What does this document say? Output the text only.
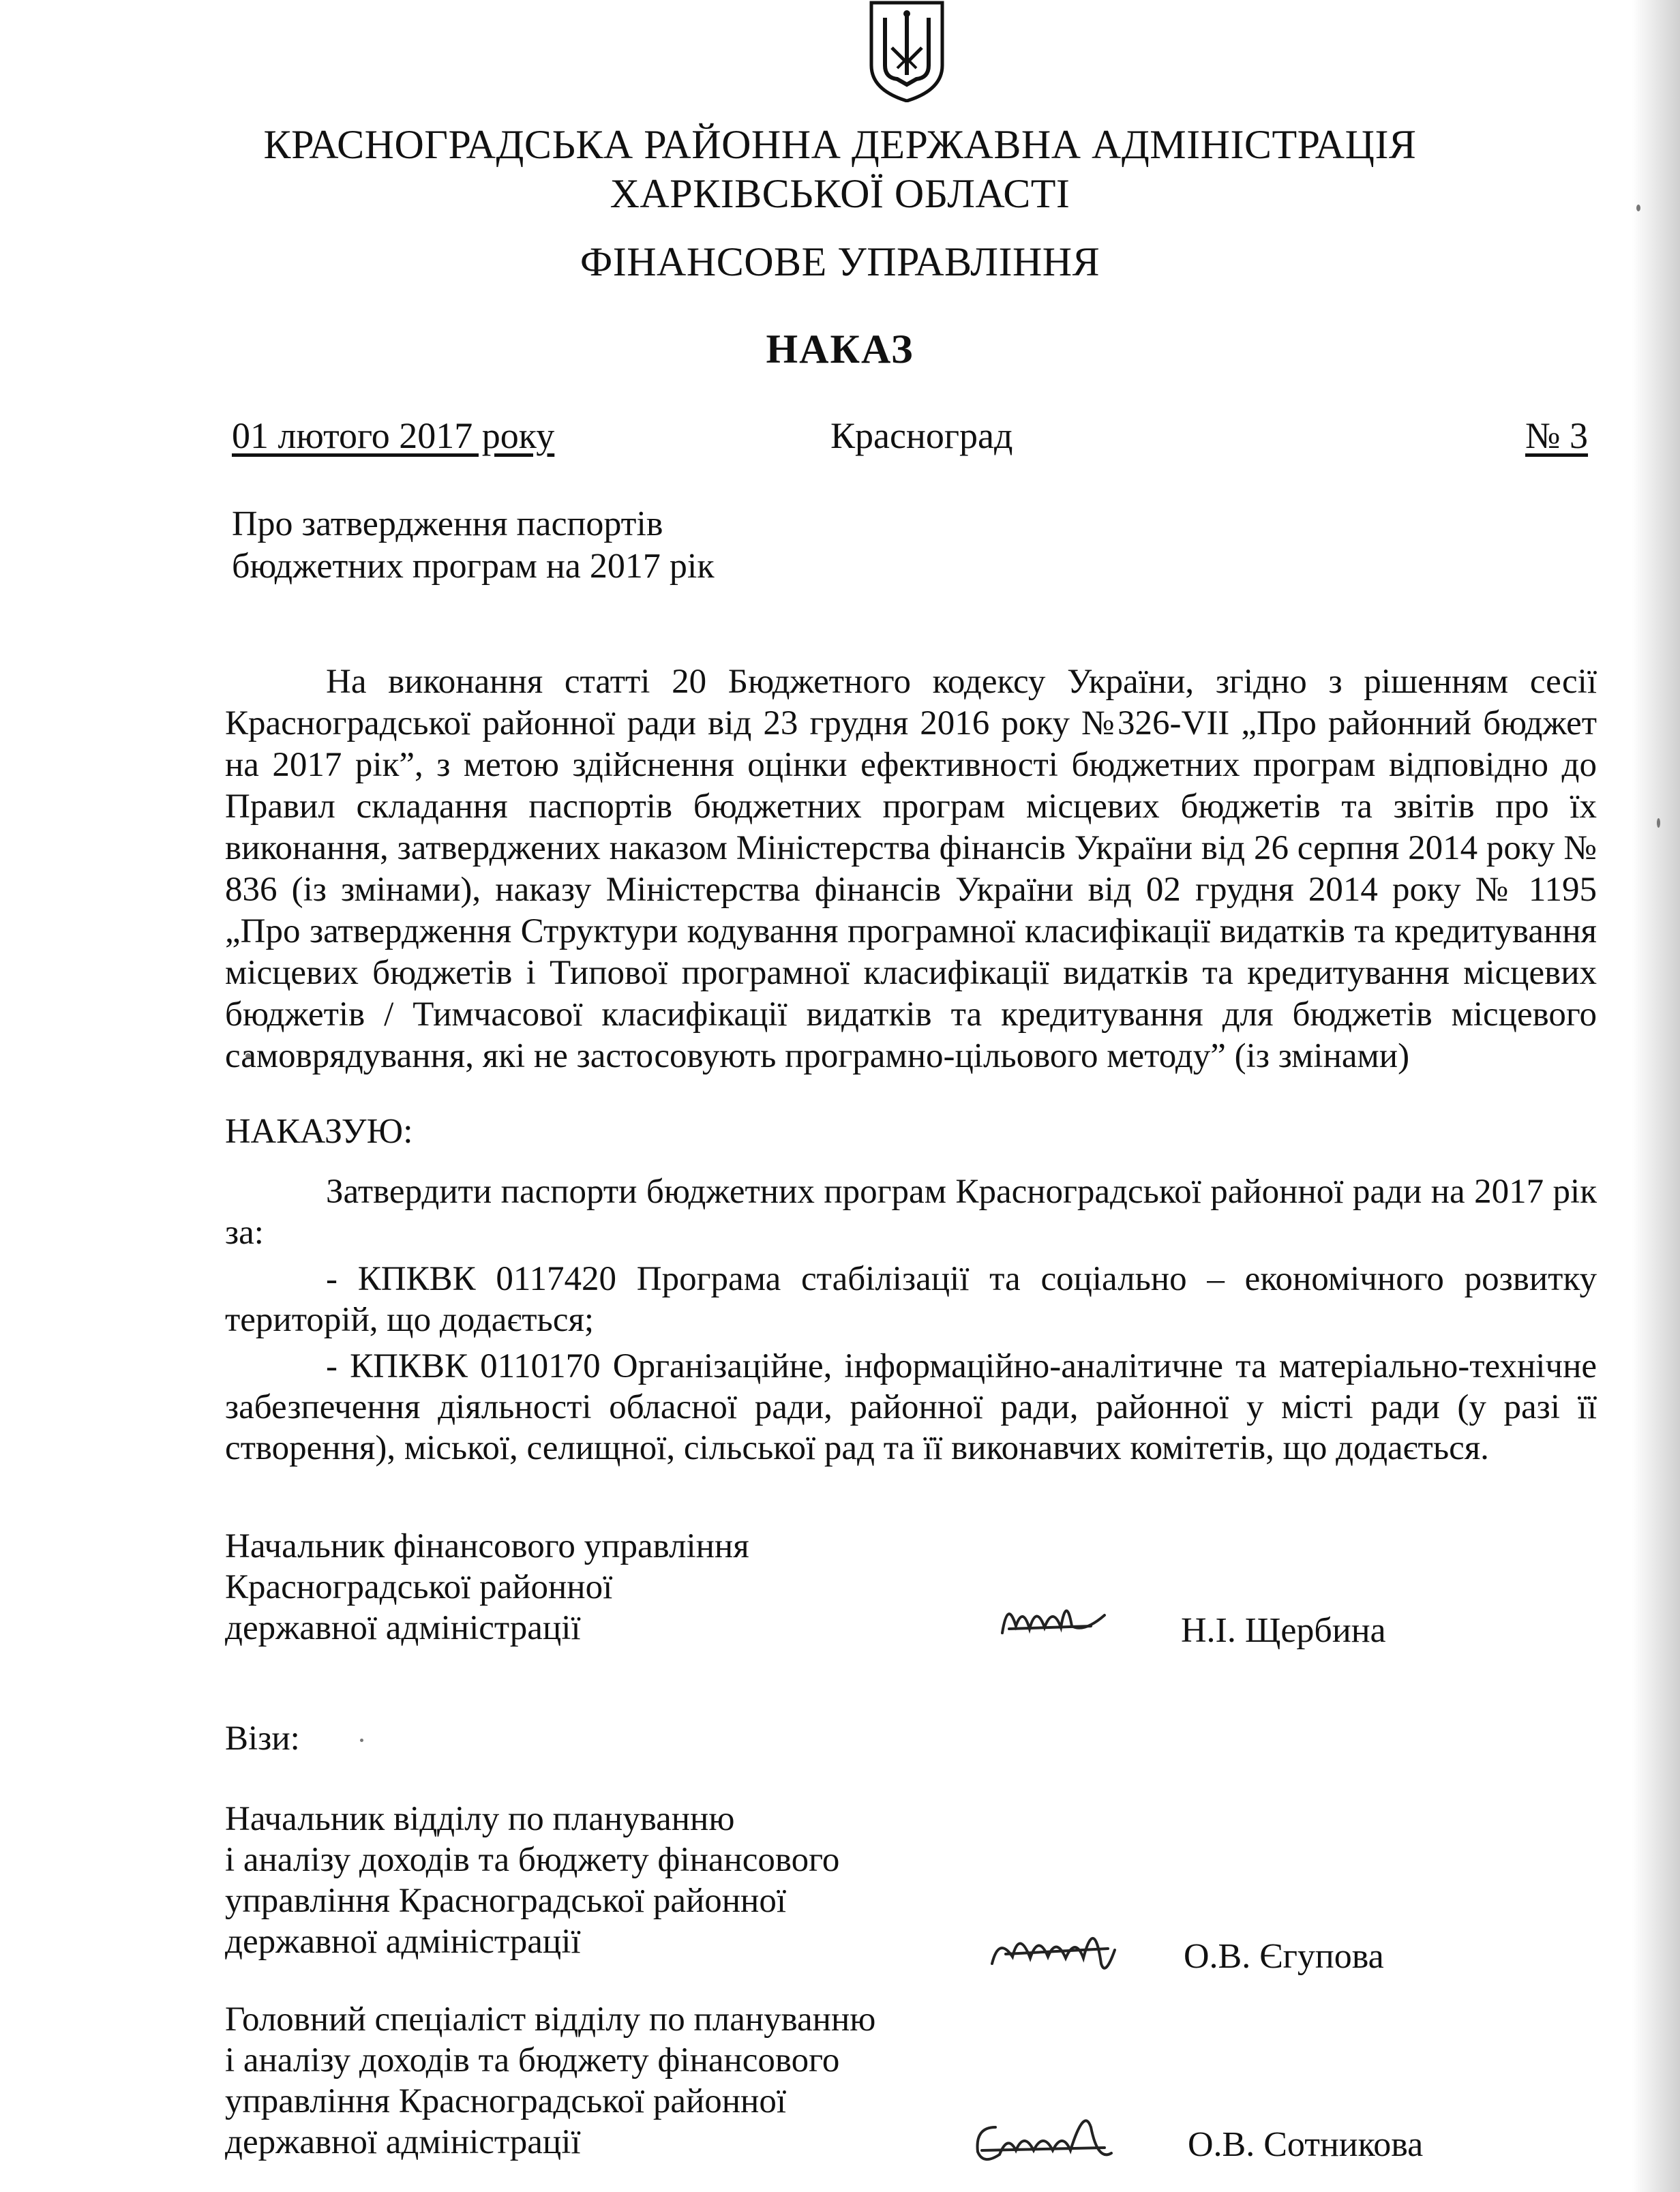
КРАСНОГРАДСЬКА РАЙОННА ДЕРЖАВНА АДМІНІСТРАЦІЯ
ХАРКІВСЬКОЇ ОБЛАСТІ
ФІНАНСОВЕ УПРАВЛІННЯ
НАКАЗ
01 лютого 2017 року	Красноград	№ 3
Про затвердження паспортів
бюджетних програм на 2017 рік
На виконання статті 20 Бюджетного кодексу України, згідно з рішенням сесії Красноградської районної ради від 23 грудня 2016 року №326-VII „Про районний бюджет на 2017 рік”, з метою здійснення оцінки ефективності бюджетних програм відповідно до Правил складання паспортів бюджетних програм місцевих бюджетів та звітів про їх виконання, затверджених наказом Міністерства фінансів України від 26 серпня 2014 року № 836 (із змінами), наказу Міністерства фінансів України від 02 грудня 2014 року № 1195 „Про затвердження Структури кодування програмної класифікації видатків та кредитування місцевих бюджетів і Типової програмної класифікації видатків та кредитування місцевих бюджетів / Тимчасової класифікації видатків та кредитування для бюджетів місцевого самоврядування, які не застосовують програмно-цільового методу” (із змінами)
НАКАЗУЮ:

Затвердити паспорти бюджетних програм Красноградської районної ради на 2017 рік за:

- КПКВК 0117420 Програма стабілізації та соціально – економічного розвитку територій, що додається;

- КПКВК 0110170 Організаційне, інформаційно-аналітичне та матеріально-технічне забезпечення діяльності обласної ради, районної ради, районної у місті ради (у разі її створення), міської, селищної, сільської рад та її виконавчих комітетів, що додається.

Начальник фінансового управління
Красноградської районної
державної адміністрації	Н.І. Щербина
Візи:
Начальник відділу по плануванню
і аналізу доходів та бюджету фінансового
управління Красноградської районної
державної адміністрації	О.В. Єгупова
Головний спеціаліст відділу по плануванню
і аналізу доходів та бюджету фінансового
управління Красноградської районної
державної адміністрації	О.В. Сотникова
